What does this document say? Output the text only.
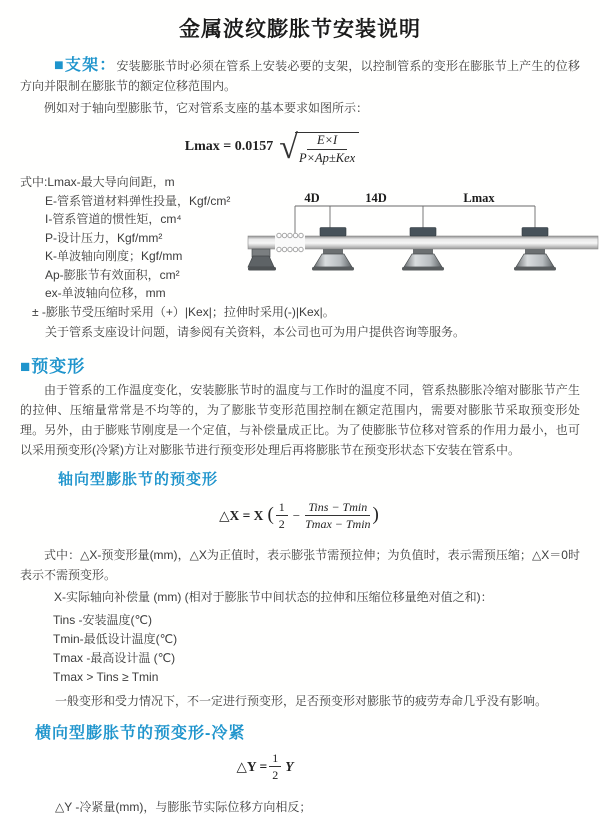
金属波纹膨胀节安装说明

■支架：安装膨胀节时必须在管系上安装必要的支架，以控制管系的变形在膨胀节上产生的位移方向并限制在膨胀节的额定位移范围内。

例如对于轴向型膨胀节，它对管系支座的基本要求如图所示：

Lmax = 0.0157 √	E×I
P×Ap±Kex
式中:Lmax-最大导向间距，m
E-管系管道材料弹性投量，Kgf/cm²
I-管系管道的惯性矩，cm⁴
P-设计压力，Kgf/mm²
K-单波轴向刚度；Kgf/mm
Ap-膨胀节有效面积，cm²
ex-单波轴向位移，mm
± -膨胀节受压缩时采用（+）|Kex|；拉伸时采用(-)|Kex|。
关于管系支座设计问题，请参阅有关资料，本公司也可为用户提供咨询等服务。
4D	14D	Lmax
■预变形

由于管系的工作温度变化，安装膨胀节时的温度与工作时的温度不同，管系热膨胀冷缩对膨胀节产生的拉伸、压缩量常常是不均等的，为了膨胀节变形范围控制在额定范围内，需要对膨胀节采取预变形处理。另外，由于膨账节刚度是一个定值，与补偿量成正比。为了使膨胀节位移对管系的作用力最小，也可以采用预变形(冷紧)方让对膨胀节进行预变形处理后再将膨胀节在预变形状态下安装在管系中。

轴向型膨胀节的预变形
△X = X ( $\frac{1}{2} - \frac{\text{Tins − Tmin}}{Tmax - Tmin}$ )

式中：△X-预变形量(mm)，△X为正值时，表示膨张节需预拉伸；为负值时，表示需预压缩；△X＝0时表示不需预变形。

X-实际轴向补偿量 (mm) (相对于膨胀节中间状态的拉伸和压缩位移量绝对值之和)：

Tins -安装温度(℃)
Tmin-最低设计温度(℃)
Tmax -最高设计温 (℃)
Tmax > Tins ≥ Tmin

一般变形和受力情况下，不一定进行预变形，足否预变形对膨胀节的疲劳寿命几乎没有影响。

横向型膨胀节的预变形-冷紧
△Y = $\frac{1}{2}$ Y

△Y -冷紧量(mm)，与膨胀节实际位移方向相反；
